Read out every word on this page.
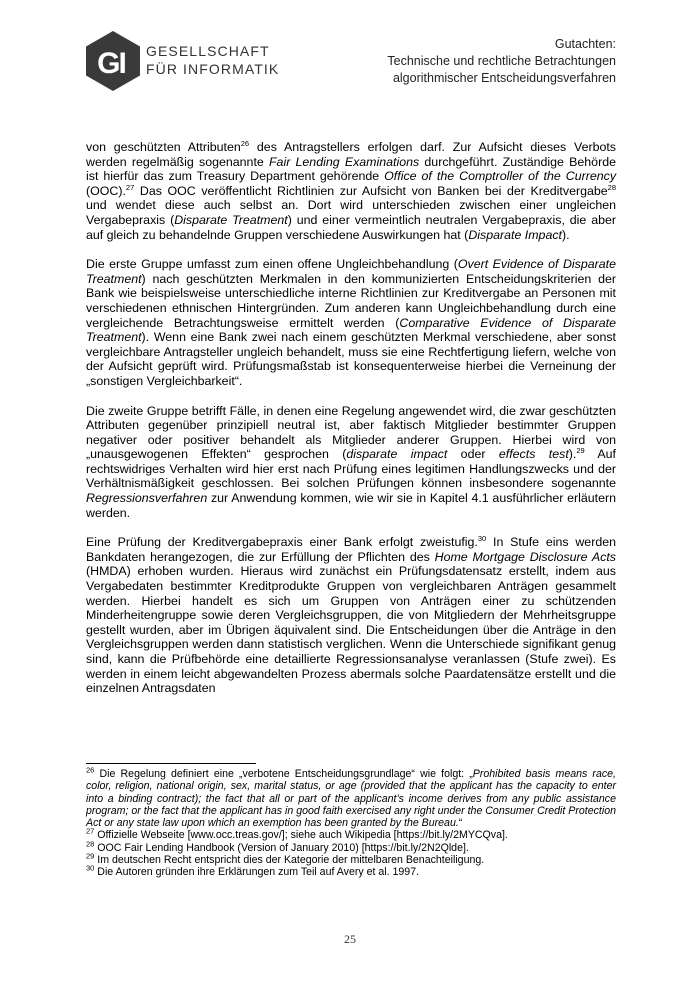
GI GESELLSCHAFT
FÜR INFORMATIK
Gutachten:
Technische und rechtliche Betrachtungen
algorithmischer Entscheidungsverfahren

von geschützten Attributen$^{26}$ des Antragstellers erfolgen darf. Zur Aufsicht dieses Verbots werden regelmäßig sogenannte Fair Lending Examinations durchgeführt. Zuständige Behörde ist hierfür das zum Treasury Department gehörende Office of the Comptroller of the Currency (OOC).$^{27}$ Das OOC veröffentlicht Richtlinien zur Aufsicht von Banken bei der Kreditvergabe$^{28}$ und wendet diese auch selbst an. Dort wird unterschieden zwischen einer ungleichen Vergabepraxis (Disparate Treatment) und einer vermeintlich neutralen Vergabepraxis, die aber auf gleich zu behandelnde Gruppen verschiedene Auswirkungen hat (Disparate Impact).

Die erste Gruppe umfasst zum einen offene Ungleichbehandlung (Overt Evidence of Disparate Treatment) nach geschützten Merkmalen in den kommunizierten Entscheidungskriterien der Bank wie beispielsweise unterschiedliche interne Richtlinien zur Kreditvergabe an Personen mit verschiedenen ethnischen Hintergründen. Zum anderen kann Ungleichbehandlung durch eine vergleichende Betrachtungsweise ermittelt werden (Comparative Evidence of Disparate Treatment). Wenn eine Bank zwei nach einem geschützten Merkmal verschiedene, aber sonst vergleichbare Antragsteller ungleich behandelt, muss sie eine Rechtfertigung liefern, welche von der Aufsicht geprüft wird. Prüfungsmaßstab ist konsequenterweise hierbei die Verneinung der „sonstigen Vergleichbarkeit“.

Die zweite Gruppe betrifft Fälle, in denen eine Regelung angewendet wird, die zwar geschützten Attributen gegenüber prinzipiell neutral ist, aber faktisch Mitglieder bestimmter Gruppen negativer oder positiver behandelt als Mitglieder anderer Gruppen. Hierbei wird von „unausgewogenen Effekten“ gesprochen (disparate impact oder effects test).$^{29}$ Auf rechtswidriges Verhalten wird hier erst nach Prüfung eines legitimen Handlungszwecks und der Verhältnismäßigkeit geschlossen. Bei solchen Prüfungen können insbesondere sogenannte Regressionsverfahren zur Anwendung kommen, wie wir sie in Kapitel 4.1 ausführlicher erläutern werden.

Eine Prüfung der Kreditvergabepraxis einer Bank erfolgt zweistufig.$^{30}$ In Stufe eins werden Bankdaten herangezogen, die zur Erfüllung der Pflichten des Home Mortgage Disclosure Acts (HMDA) erhoben wurden. Hieraus wird zunächst ein Prüfungsdatensatz erstellt, indem aus Vergabedaten bestimmter Kreditprodukte Gruppen von vergleichbaren Anträgen gesammelt werden. Hierbei handelt es sich um Gruppen von Anträgen einer zu schützenden Minderheitengruppe sowie deren Vergleichsgruppen, die von Mitgliedern der Mehrheitsgruppe gestellt wurden, aber im Übrigen äquivalent sind. Die Entscheidungen über die Anträge in den Vergleichsgruppen werden dann statistisch verglichen. Wenn die Unterschiede signifikant genug sind, kann die Prüfbehörde eine detaillierte Regressionsanalyse veranlassen (Stufe zwei). Es werden in einem leicht abgewandelten Prozess abermals solche Paardatensätze erstellt und die einzelnen Antragsdaten

$^{26}$ Die Regelung definiert eine „verbotene Entscheidungsgrundlage“ wie folgt: „Prohibited basis means race, color, religion, national origin, sex, marital status, or age (provided that the applicant has the capacity to enter into a binding contract); the fact that all or part of the applicant’s income derives from any public assistance program; or the fact that the applicant has in good faith exercised any right under the Consumer Credit Protection Act or any state law upon which an exemption has been granted by the Bureau.“
$^{27}$ Offizielle Webseite [www.occ.treas.gov/]; siehe auch Wikipedia [https://bit.ly/2MYCQva].
$^{28}$ OOC Fair Lending Handbook (Version of January 2010) [https://bit.ly/2N2Qlde].
$^{29}$ Im deutschen Recht entspricht dies der Kategorie der mittelbaren Benachteiligung.
$^{30}$ Die Autoren gründen ihre Erklärungen zum Teil auf Avery et al. 1997.
25
